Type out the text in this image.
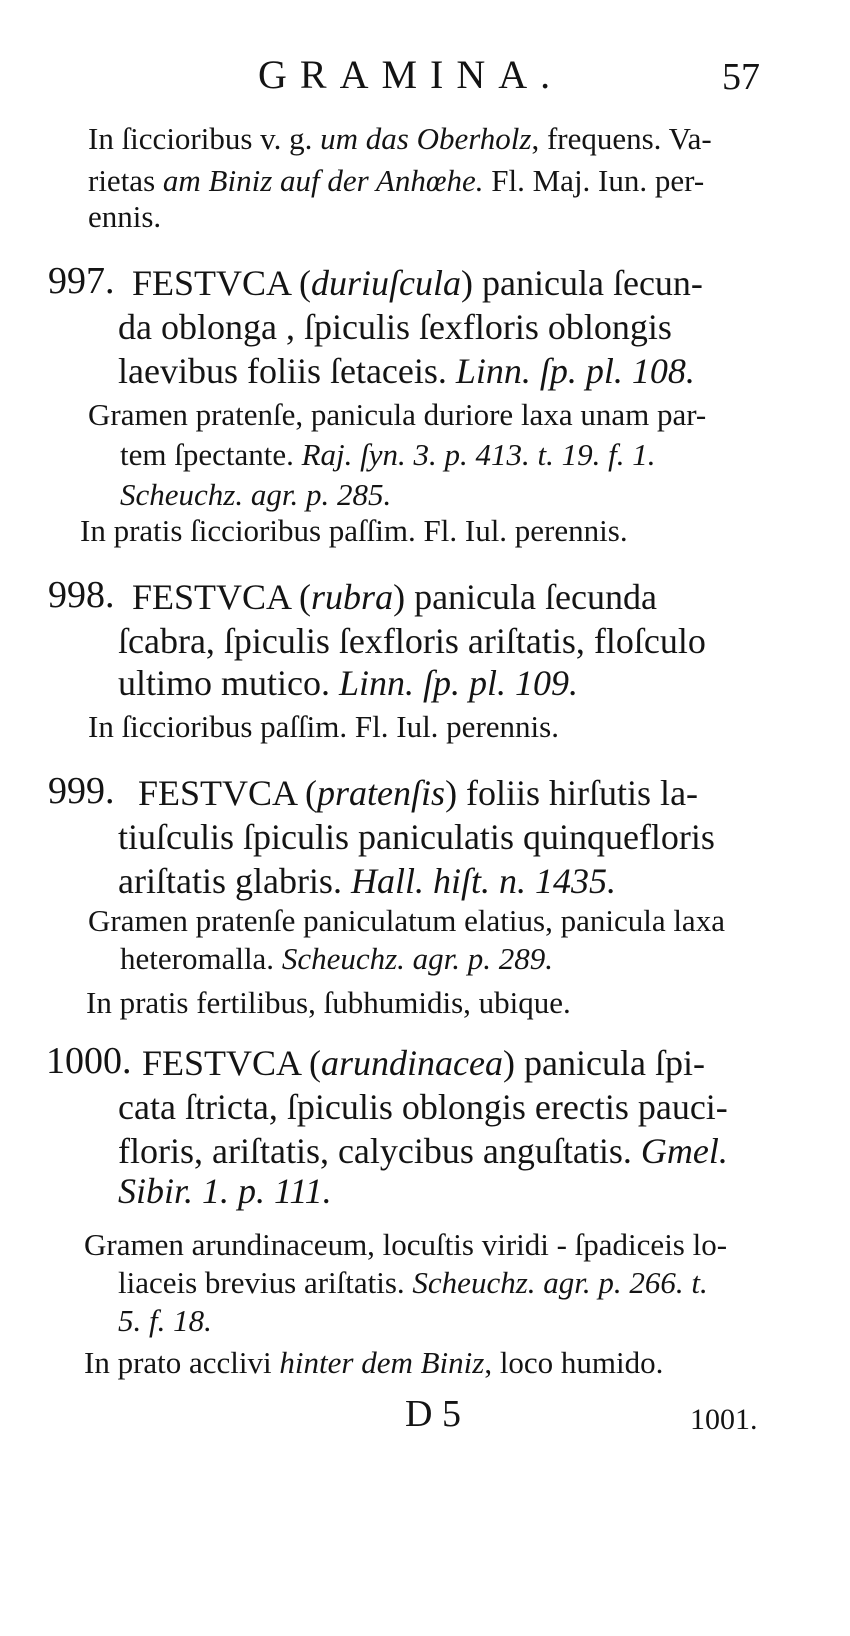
GRAMINA.	57
In ſiccioribus v. g. um das Oberholz, frequens. Va-
rietas am Biniz auf der Anhœhe. Fl. Maj. Iun. per-
ennis.
FESTVCA (duriuſcula) panicula ſecun-
997.
da oblonga , ſpiculis ſexfloris oblongis
laevibus foliis ſetaceis. Linn. ſp. pl. 108.
Gramen pratenſe, panicula duriore laxa unam par-
tem ſpectante. Raj. ſyn. 3. p. 413. t. 19. f. 1.
Scheuchz. agr. p. 285.
In pratis ſiccioribus paſſim. Fl. Iul. perennis.
FESTVCA (rubra) panicula ſecunda
998.
ſcabra, ſpiculis ſexfloris ariſtatis, floſculo
ultimo mutico. Linn. ſp. pl. 109.
In ſiccioribus paſſim. Fl. Iul. perennis.
FESTVCA (pratenſis) foliis hirſutis la-
999.
tiuſculis ſpiculis paniculatis quinquefloris
ariſtatis glabris. Hall. hiſt. n. 1435.
Gramen pratenſe paniculatum elatius, panicula laxa
heteromalla. Scheuchz. agr. p. 289.
In pratis fertilibus, ſubhumidis, ubique.
FESTVCA (arundinacea) panicula ſpi-
1000.
cata ſtricta, ſpiculis oblongis erectis pauci-
floris, ariſtatis, calycibus anguſtatis. Gmel.
Sibir. 1. p. 111.
Gramen arundinaceum, locuſtis viridi - ſpadiceis lo-
liaceis brevius ariſtatis. Scheuchz. agr. p. 266. t.
5. f. 18.
In prato acclivi hinter dem Biniz, loco humido.
D 5	1001.
